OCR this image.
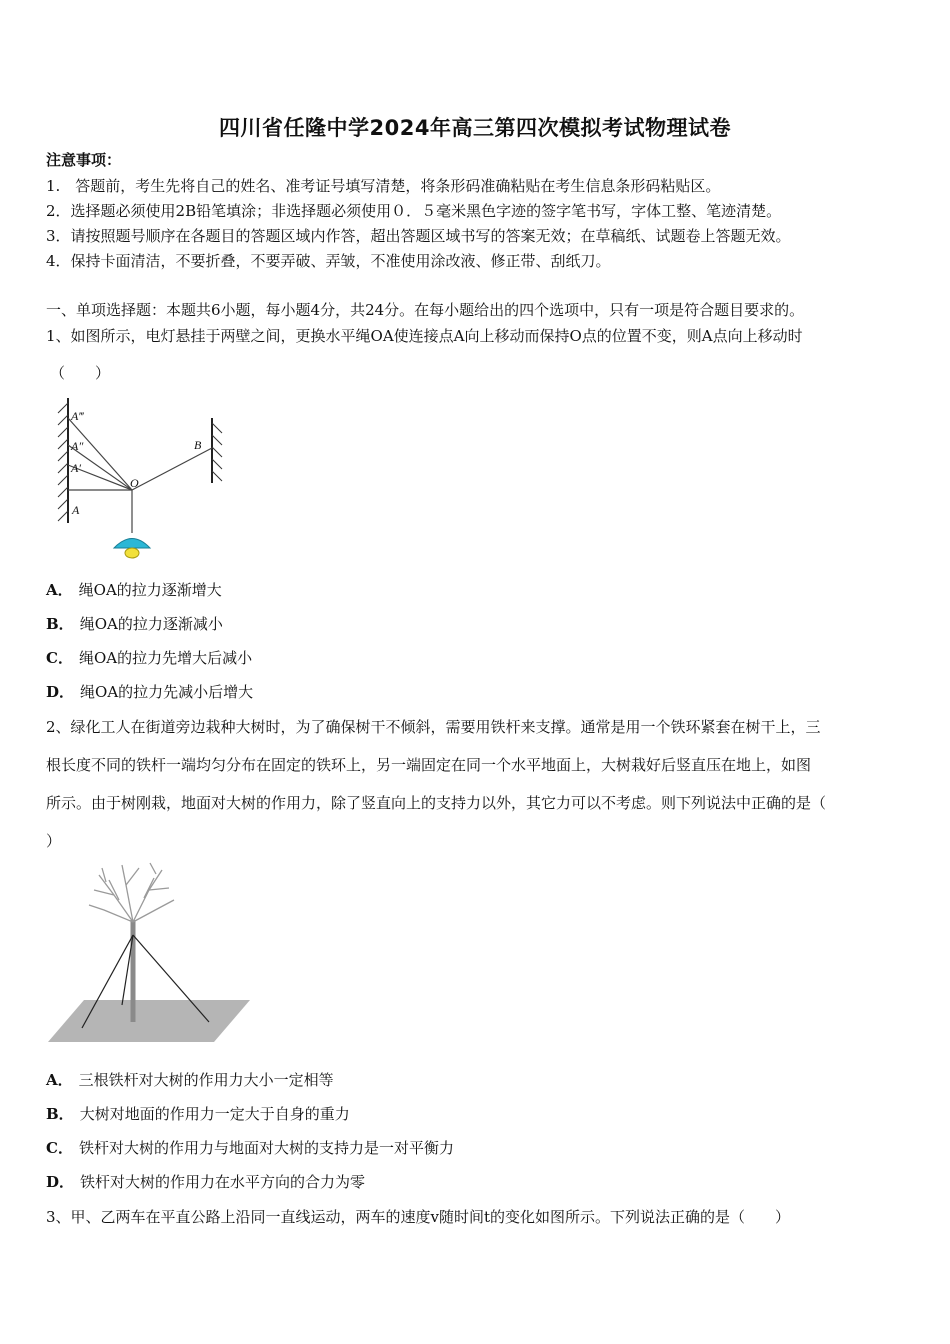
四川省任隆中学2024年高三第四次模拟考试物理试卷
注意事项：
1.　答题前，考生先将自己的姓名、准考证号填写清楚，将条形码准确粘贴在考生信息条形码粘贴区。
2．选择题必须使用2B铅笔填涂；非选择题必须使用０．５毫米黑色字迹的签字笔书写，字体工整、笔迹清楚。
3．请按照题号顺序在各题目的答题区域内作答，超出答题区域书写的答案无效；在草稿纸、试题卷上答题无效。
4．保持卡面清洁，不要折叠，不要弄破、弄皱，不准使用涂改液、修正带、刮纸刀。
一、单项选择题：本题共6小题，每小题4分，共24分。在每小题给出的四个选项中，只有一项是符合题目要求的。
1、如图所示，电灯悬挂于两壁之间，更换水平绳OA使连接点A向上移动而保持O点的位置不变，则A点向上移动时
（　　）
A‴
A″
A′
A
O
B
A． 绳OA的拉力逐渐增大
B． 绳OA的拉力逐渐减小
C． 绳OA的拉力先增大后减小
D． 绳OA的拉力先减小后增大
2、绿化工人在街道旁边栽种大树时，为了确保树干不倾斜，需要用铁杆来支撑。通常是用一个铁环紧套在树干上，三
根长度不同的铁杆一端均匀分布在固定的铁环上，另一端固定在同一个水平地面上，大树栽好后竖直压在地上，如图
所示。由于树刚栽，地面对大树的作用力，除了竖直向上的支持力以外，其它力可以不考虑。则下列说法中正确的是（
）
A． 三根铁杆对大树的作用力大小一定相等
B． 大树对地面的作用力一定大于自身的重力
C． 铁杆对大树的作用力与地面对大树的支持力是一对平衡力
D． 铁杆对大树的作用力在水平方向的合力为零
3、甲、乙两车在平直公路上沿同一直线运动，两车的速度v随时间t的变化如图所示。下列说法正确的是（　　）
